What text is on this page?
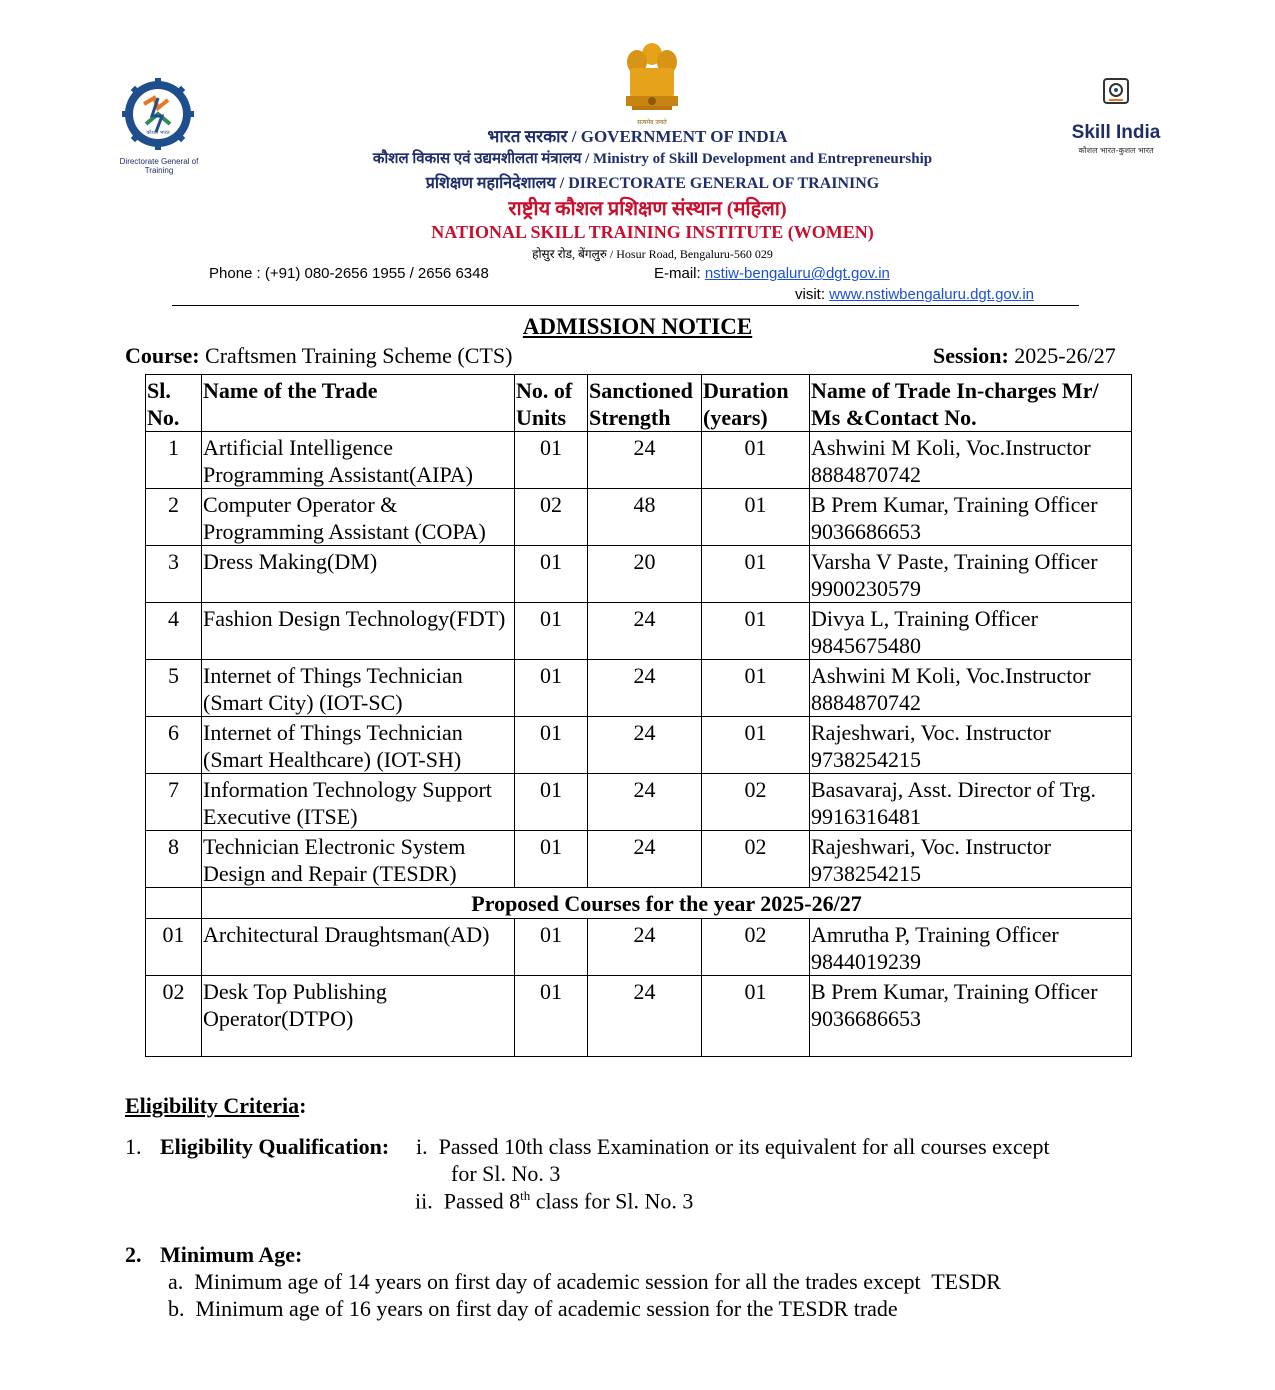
कौशल भारत
Directorate General of Training
सत्यमेव जयते	Skill India
कौशल भारत-कुशल भारत
भारत सरकार / GOVERNMENT OF INDIA
कौशल विकास एवं उद्यमशीलता मंत्रालय / Ministry of Skill Development and Entrepreneurship
प्रशिक्षण महानिदेशालय / DIRECTORATE GENERAL OF TRAINING
राष्ट्रीय कौशल प्रशिक्षण संस्थान (महिला)
NATIONAL SKILL TRAINING INSTITUTE (WOMEN)
होसुर रोड, बेंगलुरु / Hosur Road, Bengaluru-560 029
Phone : (+91) 080-2656 1955 / 2656 6348	E-mail: nstiw-bengaluru@dgt.gov.in
visit: www.nstiwbengaluru.dgt.gov.in
ADMISSION NOTICE
Course: Craftsmen Training Scheme (CTS)	Session: 2025-26/27
Sl. No.	Name of the Trade	No. of Units	Sanctioned Strength	Duration (years)	Name of Trade In-charges Mr/ Ms &Contact No.
1	Artificial Intelligence Programming Assistant(AIPA)	01	24	01	Ashwini M Koli, Voc.Instructor
8884870742

2	Computer Operator & Programming Assistant (COPA)	02	48	01	B Prem Kumar, Training Officer
9036686653

3	Dress Making(DM)	01	20	01	Varsha V Paste, Training Officer
9900230579

4	Fashion Design Technology(FDT)	01	24	01	Divya L, Training Officer
9845675480

5	Internet of Things Technician (Smart City) (IOT-SC)	01	24	01	Ashwini M Koli, Voc.Instructor
8884870742

6	Internet of Things Technician (Smart Healthcare) (IOT-SH)	01	24	01	Rajeshwari, Voc. Instructor
9738254215

7	Information Technology Support Executive (ITSE)	01	24	02	Basavaraj, Asst. Director of Trg.
9916316481

8	Technician Electronic System Design and Repair (TESDR)	01	24	02	Rajeshwari, Voc. Instructor
9738254215

	Proposed Courses for the year 2025-26/27				
01	Architectural Draughtsman(AD)	01	24	02	Amrutha P, Training Officer
9844019239

02	Desk Top Publishing Operator(DTPO)	01	24	01	B Prem Kumar, Training Officer
9036686653
Eligibility Criteria:
1. Eligibility Qualification: i.  Passed 10th class Examination or its equivalent for all courses except
for Sl. No. 3
ii.  Passed 8th class for Sl. No. 3
2. Minimum Age:
a.  Minimum age of 14 years on first day of academic session for all the trades except  TESDR
b.  Minimum age of 16 years on first day of academic session for the TESDR trade
